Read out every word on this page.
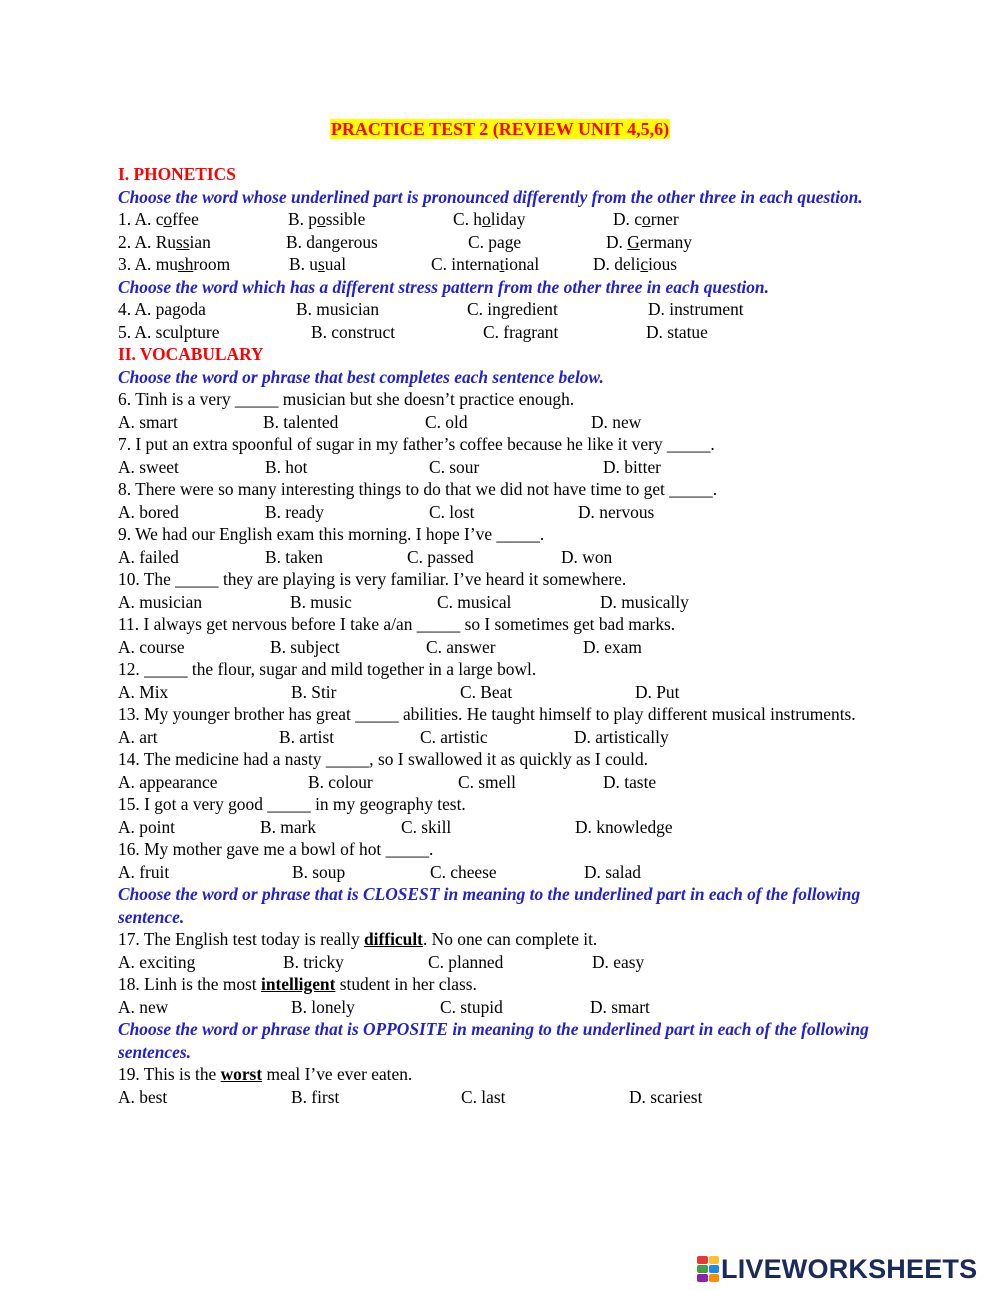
PRACTICE TEST 2 (REVIEW UNIT 4,5,6)
I. PHONETICS
Choose the word whose underlined part is pronounced differently from the other three in each question.
1. A. coffee	B. possible	C. holiday	D. corner
2. A. Russian	B. dangerous	C. page	D. Germany
3. A. mushroom	B. usual	C. international	D. delicious
Choose the word which has a different stress pattern from the other three in each question.
4. A. pagoda	B. musician	C. ingredient	D. instrument
5. A. sculpture	B. construct	C. fragrant	D. statue
II. VOCABULARY
Choose the word or phrase that best completes each sentence below.
6. Tinh is a very _____ musician but she doesn’t practice enough.
A. smart	B. talented	C. old	D. new
7. I put an extra spoonful of sugar in my father’s coffee because he like it very _____.
A. sweet	B. hot	C. sour	D. bitter
8. There were so many interesting things to do that we did not have time to get _____.
A. bored	B. ready	C. lost	D. nervous
9. We had our English exam this morning. I hope I’ve _____.
A. failed	B. taken	C. passed	D. won
10. The _____ they are playing is very familiar. I’ve heard it somewhere.
A. musician	B. music	C. musical	D. musically
11. I always get nervous before I take a/an _____ so I sometimes get bad marks.
A. course	B. subject	C. answer	D. exam
12. _____ the flour, sugar and mild together in a large bowl.
A. Mix	B. Stir	C. Beat	D. Put
13. My younger brother has great _____ abilities. He taught himself to play different musical instruments.
A. art	B. artist	C. artistic	D. artistically
14. The medicine had a nasty _____, so I swallowed it as quickly as I could.
A. appearance	B. colour	C. smell	D. taste
15. I got a very good _____ in my geography test.
A. point	B. mark	C. skill	D. knowledge
16. My mother gave me a bowl of hot _____.
A. fruit	B. soup	C. cheese	D. salad
Choose the word or phrase that is CLOSEST in meaning to the underlined part in each of the following sentence.
17. The English test today is really difficult. No one can complete it.
A. exciting	B. tricky	C. planned	D. easy
18. Linh is the most intelligent student in her class.
A. new	B. lonely	C. stupid	D. smart
Choose the word or phrase that is OPPOSITE in meaning to the underlined part in each of the following sentences.
19. This is the worst meal I’ve ever eaten.
A. best	B. first	C. last	D. scariest
LIVEWORKSHEETS
